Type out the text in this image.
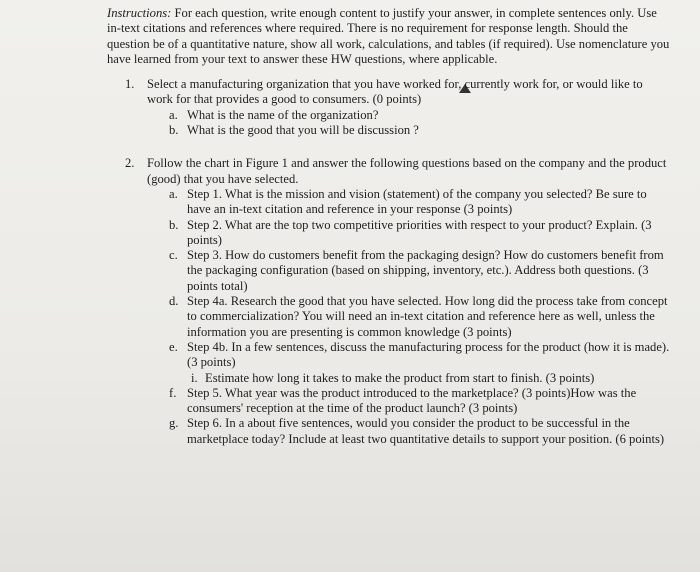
Instructions: For each question, write enough content to justify your answer, in complete sentences only. Use in-text citations and references where required. There is no requirement for response length. Should the question be of a quantitative nature, show all work, calculations, and tables (if required). Use nomenclature you have learned from your text to answer these HW questions, where applicable.

1. Select a manufacturing organization that you have worked for, currently work for, or would like to work for that provides a good to consumers. (0 points)
a. What is the name of the organization?
b. What is the good that you will be discussion ?
2. Follow the chart in Figure 1 and answer the following questions based on the company and the product (good) that you have selected.
a. Step 1. What is the mission and vision (statement) of the company you selected? Be sure to have an in-text citation and reference in your response (3 points)
b. Step 2. What are the top two competitive priorities with respect to your product? Explain. (3 points)
c. Step 3. How do customers benefit from the packaging design? How do customers benefit from the packaging configuration (based on shipping, inventory, etc.). Address both questions. (3 points total)
d. Step 4a. Research the good that you have selected. How long did the process take from concept to commercialization? You will need an in-text citation and reference here as well, unless the information you are presenting is common knowledge (3 points)
e. Step 4b. In a few sentences, discuss the manufacturing process for the product (how it is made). (3 points)
i. Estimate how long it takes to make the product from start to finish. (3 points)
f. Step 5. What year was the product introduced to the marketplace? (3 points)How was the consumers' reception at the time of the product launch? (3 points)
g. Step 6. In a about five sentences, would you consider the product to be successful in the marketplace today? Include at least two quantitative details to support your position. (6 points)
